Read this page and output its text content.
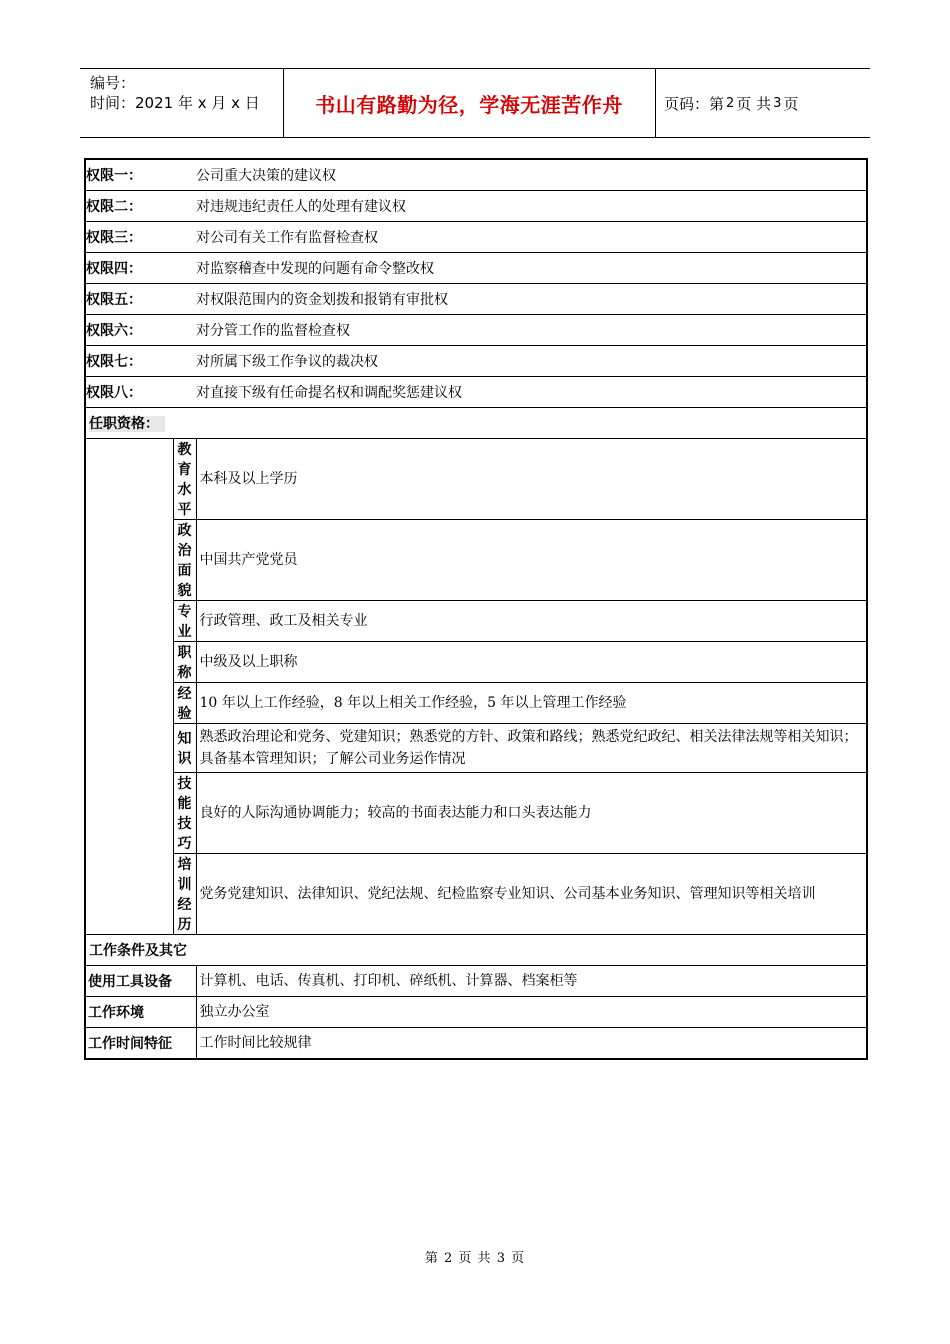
编号：
时间：2021 年 x 月 x 日	书山有路勤为径，学海无涯苦作舟	页码：第 2 页 共 3 页
权限一：		公司重大决策的建议权
权限二：		对违规违纪责任人的处理有建议权
权限三：		对公司有关工作有监督检查权
权限四：		对监察稽查中发现的问题有命令整改权
权限五：		对权限范围内的资金划拨和报销有审批权
权限六：		对分管工作的监督检查权
权限七：		对所属下级工作争议的裁决权
权限八：		对直接下级有任命提名权和调配奖惩建议权
任职资格：		
	教育水平	本科及以上学历
	政治面貌	中国共产党党员
	专业	行政管理、政工及相关专业
	职称	中级及以上职称
	经验	10 年以上工作经验，8 年以上相关工作经验，5 年以上管理工作经验
	知识	熟悉政治理论和党务、党建知识；熟悉党的方针、政策和路线；熟悉党纪政纪、相关法律法规等相关知识；具备基本管理知识；了解公司业务运作情况
	技能技巧	良好的人际沟通协调能力；较高的书面表达能力和口头表达能力
	培训经历	党务党建知识、法律知识、党纪法规、纪检监察专业知识、公司基本业务知识、管理知识等相关培训
工作条件及其它		
使用工具设备		计算机、电话、传真机、打印机、碎纸机、计算器、档案柜等
工作环境		独立办公室
工作时间特征		工作时间比较规律
第 2 页 共 3 页
